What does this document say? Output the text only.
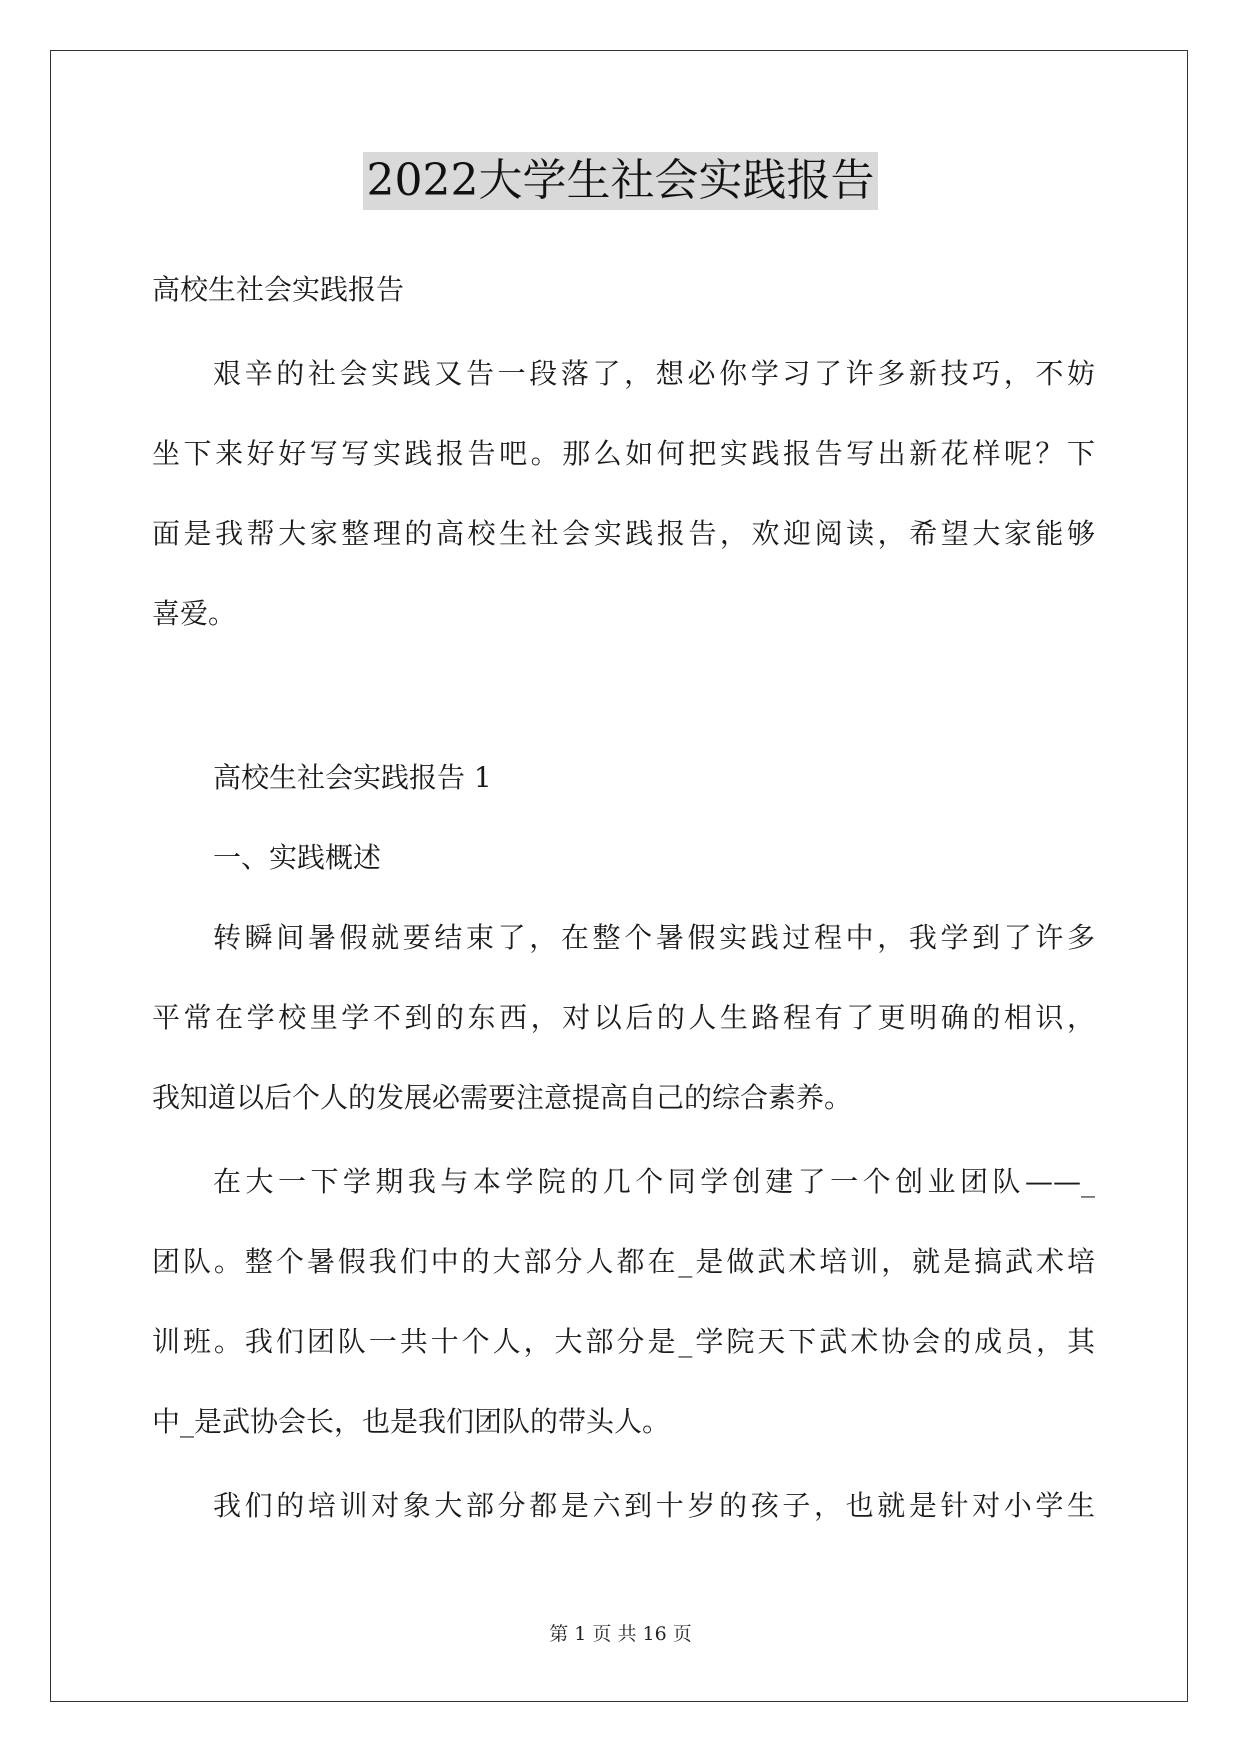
2022大学生社会实践报告
高校生社会实践报告
艰辛的社会实践又告一段落了，想必你学习了许多新技巧，不妨
坐下来好好写写实践报告吧。那么如何把实践报告写出新花样呢？下
面是我帮大家整理的高校生社会实践报告，欢迎阅读，希望大家能够
喜爱。
高校生社会实践报告 1
一、实践概述
转瞬间暑假就要结束了，在整个暑假实践过程中，我学到了许多
平常在学校里学不到的东西，对以后的人生路程有了更明确的相识，
我知道以后个人的发展必需要注意提高自己的综合素养。
在大一下学期我与本学院的几个同学创建了一个创业团队——_
团队。整个暑假我们中的大部分人都在_是做武术培训，就是搞武术培
训班。我们团队一共十个人，大部分是_学院天下武术协会的成员，其
中_是武协会长，也是我们团队的带头人。
我们的培训对象大部分都是六到十岁的孩子，也就是针对小学生
第 1 页 共 16 页
